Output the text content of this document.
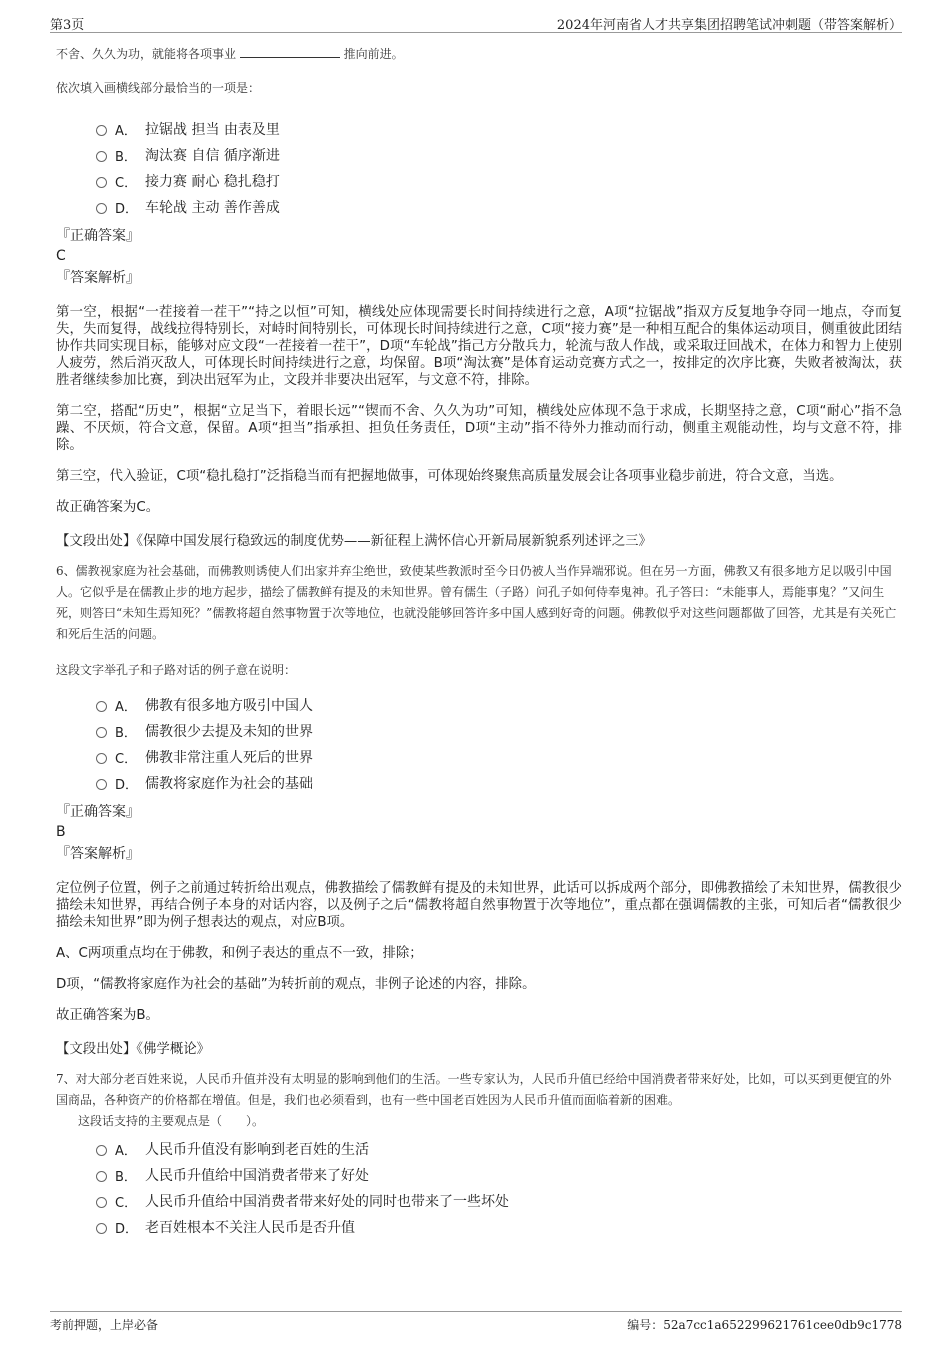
第3页	2024年河南省人才共享集团招聘笔试冲刺题（带答案解析）

不舍、久久为功，就能将各项事业	推向前进。

依次填入画横线部分最恰当的一项是：
A． 拉锯战 担当 由表及里
B． 淘汰赛 自信 循序渐进
C． 接力赛 耐心 稳扎稳打
D． 车轮战 主动 善作善成
『正确答案』
C
『答案解析』

第一空，根据“一茬接着一茬干”“持之以恒”可知，横线处应体现需要长时间持续进行之意，A项“拉锯战”指双方反复地争夺同一地点，夺而复失，失而复得，战线拉得特别长，对峙时间特别长，可体现长时间持续进行之意，C项“接力赛”是一种相互配合的集体运动项目，侧重彼此团结协作共同实现目标，能够对应文段“一茬接着一茬干”，D项“车轮战”指己方分散兵力，轮流与敌人作战，或采取迂回战术，在体力和智力上使别人疲劳，然后消灭敌人，可体现长时间持续进行之意，均保留。B项“淘汰赛”是体育运动竞赛方式之一，按排定的次序比赛，失败者被淘汰，获胜者继续参加比赛，到决出冠军为止，文段并非要决出冠军，与文意不符，排除。

第二空，搭配“历史”，根据“立足当下，着眼长远”“锲而不舍、久久为功”可知，横线处应体现不急于求成，长期坚持之意，C项“耐心”指不急躁、不厌烦，符合文意，保留。A项“担当”指承担、担负任务责任，D项“主动”指不待外力推动而行动，侧重主观能动性，均与文意不符，排除。

第三空，代入验证，C项“稳扎稳打”泛指稳当而有把握地做事，可体现始终聚焦高质量发展会让各项事业稳步前进，符合文意，当选。

故正确答案为C。

【文段出处】《保障中国发展行稳致远的制度优势——新征程上满怀信心开新局展新貌系列述评之三》

6、儒教视家庭为社会基础，而佛教则诱使人们出家并弃尘绝世，致使某些教派时至今日仍被人当作异端邪说。但在另一方面，佛教又有很多地方足以吸引中国人。它似乎是在儒教止步的地方起步，描绘了儒教鲜有提及的未知世界。曾有儒生（子路）问孔子如何侍奉鬼神。孔子答曰：“未能事人，焉能事鬼？”又问生死，则答曰“未知生焉知死？”儒教将超自然事物置于次等地位，也就没能够回答许多中国人感到好奇的问题。佛教似乎对这些问题都做了回答，尤其是有关死亡和死后生活的问题。

这段文字举孔子和子路对话的例子意在说明：
A． 佛教有很多地方吸引中国人
B． 儒教很少去提及未知的世界
C． 佛教非常注重人死后的世界
D． 儒教将家庭作为社会的基础
『正确答案』
B
『答案解析』

定位例子位置，例子之前通过转折给出观点，佛教描绘了儒教鲜有提及的未知世界，此话可以拆成两个部分，即佛教描绘了未知世界，儒教很少描绘未知世界，再结合例子本身的对话内容，以及例子之后“儒教将超自然事物置于次等地位”，重点都在强调儒教的主张，可知后者“儒教很少描绘未知世界”即为例子想表达的观点，对应B项。

A、C两项重点均在于佛教，和例子表达的重点不一致，排除；

D项，“儒教将家庭作为社会的基础”为转折前的观点，非例子论述的内容，排除。

故正确答案为B。

【文段出处】《佛学概论》

7、对大部分老百姓来说，人民币升值并没有太明显的影响到他们的生活。一些专家认为，人民币升值已经给中国消费者带来好处，比如，可以买到更便宜的外国商品，各种资产的价格都在增值。但是，我们也必须看到，也有一些中国老百姓因为人民币升值而面临着新的困难。

这段话支持的主要观点是（　　）。
A． 人民币升值没有影响到老百姓的生活
B． 人民币升值给中国消费者带来了好处
C． 人民币升值给中国消费者带来好处的同时也带来了一些坏处
D． 老百姓根本不关注人民币是否升值
考前押题，上岸必备	编号：52a7cc1a652299621761cee0db9c1778
